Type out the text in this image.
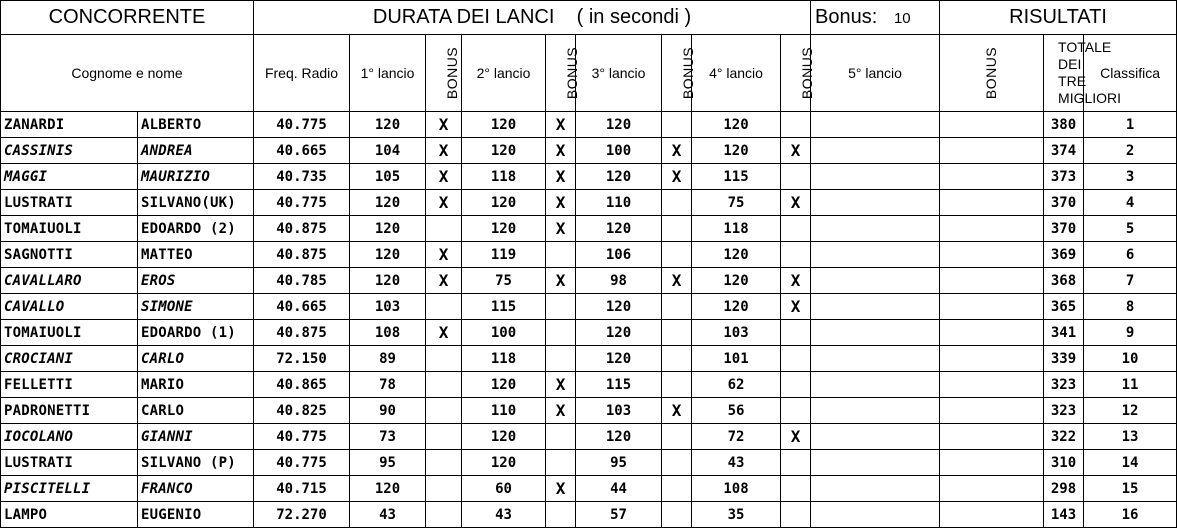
CONCORRENTE		DURATA DEI LANCI    ( in secondi )									Bonus: 10	RISULTATI			
Cognome e nome		Freq. Radio	1° lancio	BONUS	2° lancio	BONUS	3° lancio	BONUS	4° lancio	BONUS	5° lancio	BONUS	TOTALE DEI TRE MIGLIORI	Classifica	
ZANARDI	ALBERTO	40.775	120	X	120	X	120		120				380	1	
CASSINIS	ANDREA	40.665	104	X	120	X	100	X	120	X			374	2	
MAGGI	MAURIZIO	40.735	105	X	118	X	120	X	115				373	3	
LUSTRATI	SILVANO(UK)	40.775	120	X	120	X	110		75	X			370	4	
TOMAIUOLI	EDOARDO (2)	40.875	120		120	X	120		118				370	5	
SAGNOTTI	MATTEO	40.875	120	X	119		106		120				369	6	
CAVALLARO	EROS	40.785	120	X	75	X	98	X	120	X			368	7	
CAVALLO	SIMONE	40.665	103		115		120		120	X			365	8	
TOMAIUOLI	EDOARDO (1)	40.875	108	X	100		120		103				341	9	
CROCIANI	CARLO	72.150	89		118		120		101				339	10	
FELLETTI	MARIO	40.865	78		120	X	115		62				323	11	
PADRONETTI	CARLO	40.825	90		110	X	103	X	56				323	12	
IOCOLANO	GIANNI	40.775	73		120		120		72	X			322	13	
LUSTRATI	SILVANO (P)	40.775	95		120		95		43				310	14	
PISCITELLI	FRANCO	40.715	120		60	X	44		108				298	15	
LAMPO	EUGENIO	72.270	43		43		57		35				143	16	
